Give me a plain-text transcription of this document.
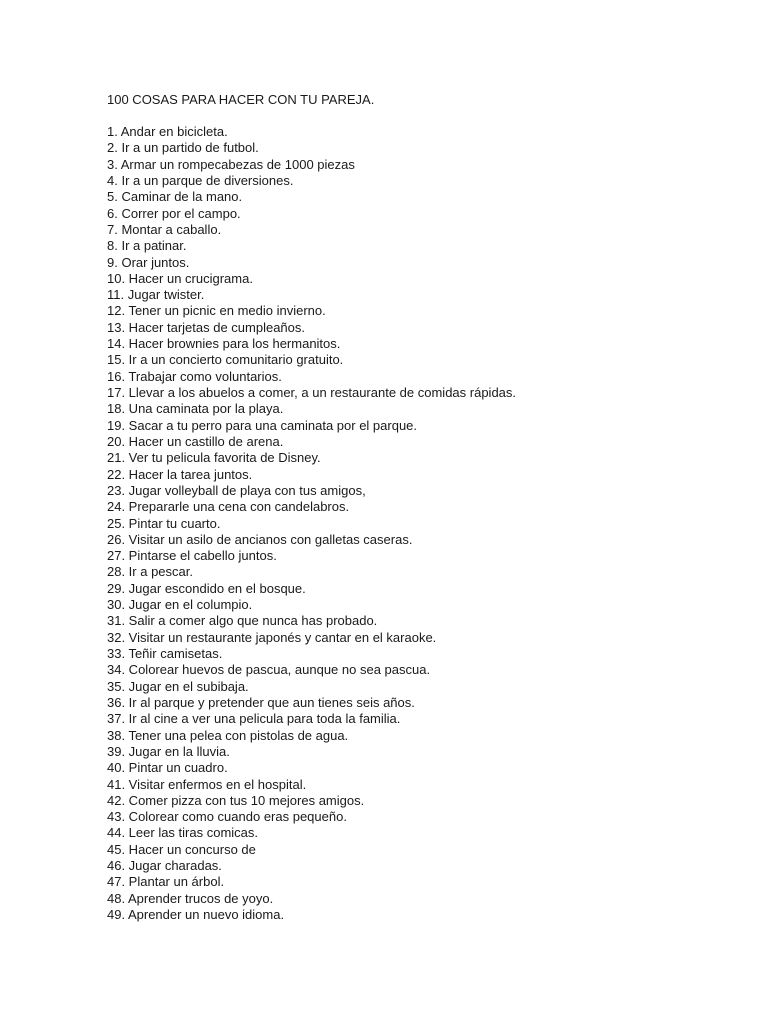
100 COSAS PARA HACER CON TU PAREJA.
1. Andar en bicicleta.
2. Ir a un partido de futbol.
3. Armar un rompecabezas de 1000 piezas
4. Ir a un parque de diversiones.
5. Caminar de la mano.
6. Correr por el campo.
7. Montar a caballo.
8. Ir a patinar.
9. Orar juntos.
10. Hacer un crucigrama.
11. Jugar twister.
12. Tener un picnic en medio invierno.
13. Hacer tarjetas de cumpleaños.
14. Hacer brownies para los hermanitos.
15. Ir a un concierto comunitario gratuito.
16. Trabajar como voluntarios.
17. Llevar a los abuelos a comer, a un restaurante de comidas rápidas.
18. Una caminata por la playa.
19. Sacar a tu perro para una caminata por el parque.
20. Hacer un castillo de arena.
21. Ver tu pelicula favorita de Disney.
22. Hacer la tarea juntos.
23. Jugar volleyball de playa con tus amigos,
24. Prepararle una cena con candelabros.
25. Pintar tu cuarto.
26. Visitar un asilo de ancianos con galletas caseras.
27. Pintarse el cabello juntos.
28. Ir a pescar.
29. Jugar escondido en el bosque.
30. Jugar en el columpio.
31. Salir a comer algo que nunca has probado.
32. Visitar un restaurante japonés y cantar en el karaoke.
33. Teñir camisetas.
34. Colorear huevos de pascua, aunque no sea pascua.
35. Jugar en el subibaja.
36. Ir al parque y pretender que aun tienes seis años.
37. Ir al cine a ver una pelicula para toda la familia.
38. Tener una pelea con pistolas de agua.
39. Jugar en la lluvia.
40. Pintar un cuadro.
41. Visitar enfermos en el hospital.
42. Comer pizza con tus 10 mejores amigos.
43. Colorear como cuando eras pequeño.
44. Leer las tiras comicas.
45. Hacer un concurso de
46. Jugar charadas.
47. Plantar un árbol.
48. Aprender trucos de yoyo.
49. Aprender un nuevo idioma.
